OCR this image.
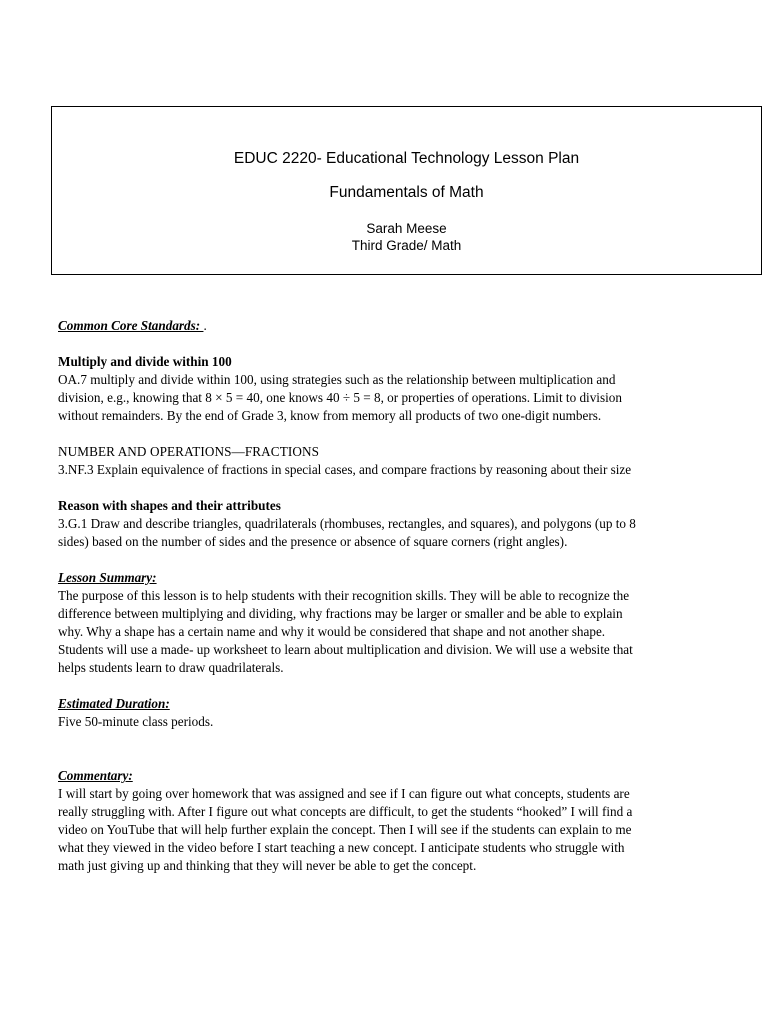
EDUC 2220- Educational Technology Lesson Plan
Fundamentals of Math
Sarah Meese
Third Grade/ Math

Common Core Standards: .

Multiply and divide within 100

OA.7 multiply and divide within 100, using strategies such as the relationship between multiplication and

division, e.g., knowing that 8 × 5 = 40, one knows 40 ÷ 5 = 8, or properties of operations. Limit to division

without remainders. By the end of Grade 3, know from memory all products of two one-digit numbers.

NUMBER AND OPERATIONS—FRACTIONS

3.NF.3 Explain equivalence of fractions in special cases, and compare fractions by reasoning about their size

Reason with shapes and their attributes

3.G.1 Draw and describe triangles, quadrilaterals (rhombuses, rectangles, and squares), and polygons (up to 8

sides) based on the number of sides and the presence or absence of square corners (right angles).

Lesson Summary:

The purpose of this lesson is to help students with their recognition skills. They will be able to recognize the

difference between multiplying and dividing, why fractions may be larger or smaller and be able to explain

why. Why a shape has a certain name and why it would be considered that shape and not another shape.

Students will use a made- up worksheet to learn about multiplication and division. We will use a website that

helps students learn to draw quadrilaterals.

Estimated Duration:

Five 50-minute class periods.

Commentary:

I will start by going over homework that was assigned and see if I can figure out what concepts, students are

really struggling with. After I figure out what concepts are difficult, to get the students “hooked” I will find a

video on YouTube that will help further explain the concept. Then I will see if the students can explain to me

what they viewed in the video before I start teaching a new concept. I anticipate students who struggle with

math just giving up and thinking that they will never be able to get the concept.
